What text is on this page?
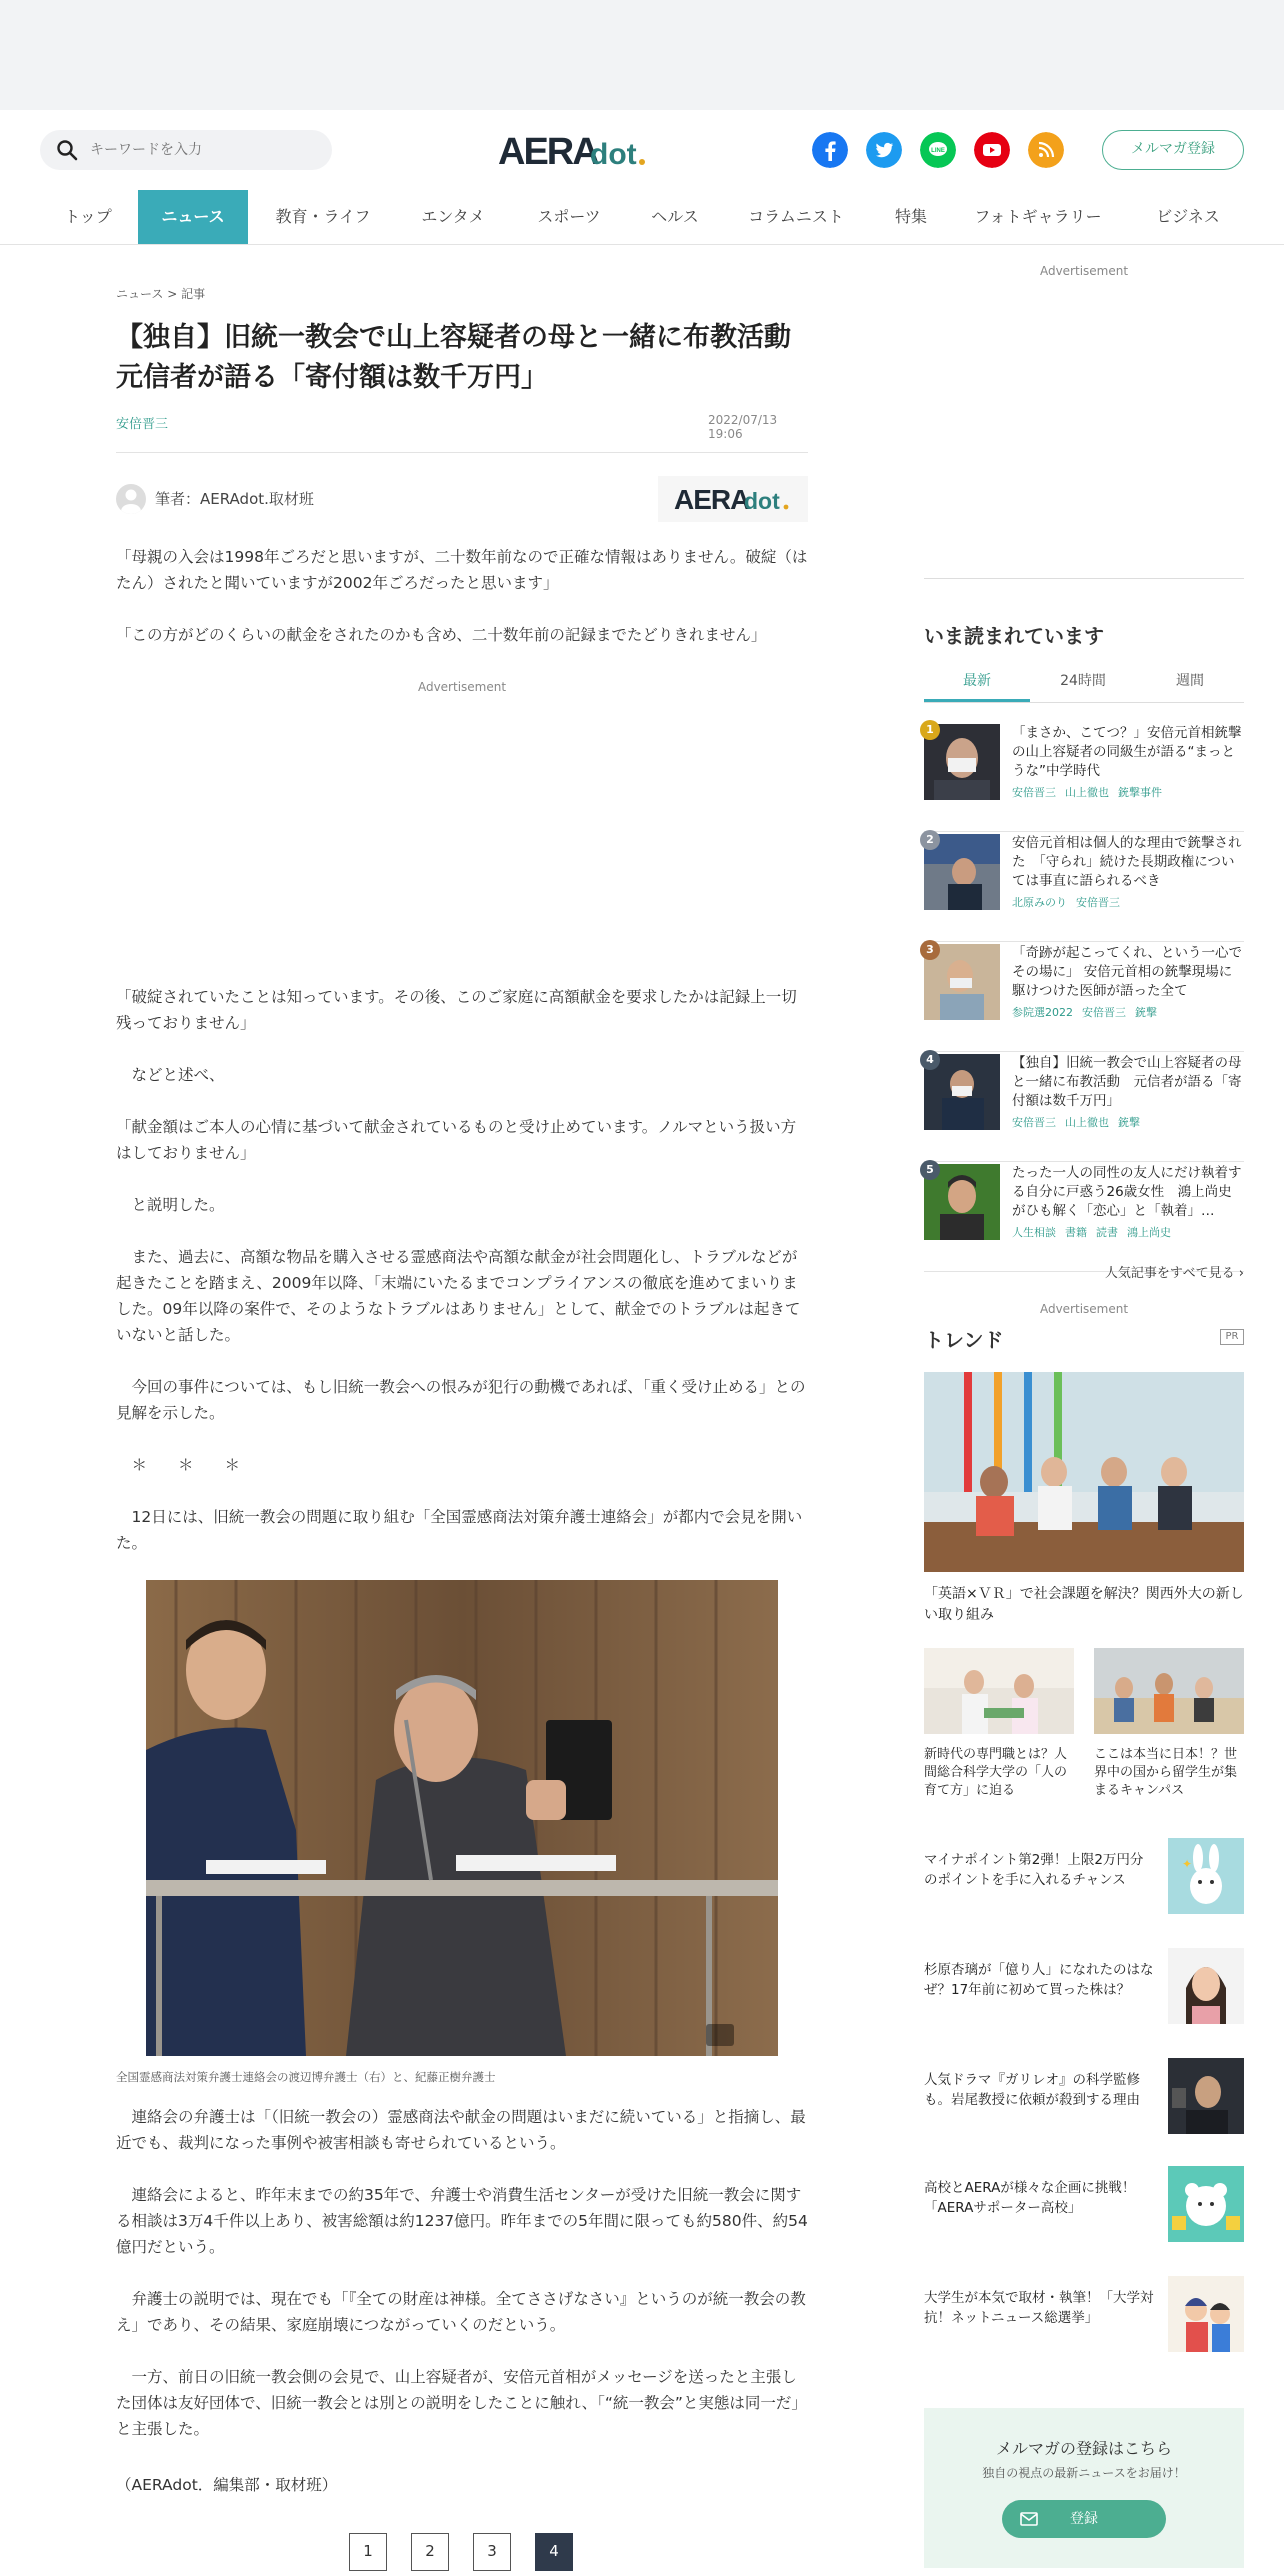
キーワードを入力
AERA
dot	LINE	メルマガ登録
トップ	ニュース	教育・ライフ	エンタメ	スポーツ	ヘルス	コラムニスト	特集	フォトギャラリー	ビジネス
ニュース > 記事
【独自】旧統一教会で山上容疑者の母と一緒に布教活動
元信者が語る「寄付額は数千万円」
安倍晋三	2022/07/13 19:06
筆者：AERAdot.取材班	AERA
dot
「母親の入会は1998年ごろだと思いますが、二十数年前なので正確な情報はありません。破綻（はたん）されたと聞いていますが2002年ごろだったと思います」
「この方がどのくらいの献金をされたのかも含め、二十数年前の記録までたどりきれません」
Advertisement
「破綻されていたことは知っています。その後、このご家庭に高額献金を要求したかは記録上一切残っておりません」
　などと述べ、
「献金額はご本人の心情に基づいて献金されているものと受け止めています。ノルマという扱い方はしておりません」
　と説明した。
　また、過去に、高額な物品を購入させる霊感商法や高額な献金が社会問題化し、トラブルなどが起きたことを踏まえ、2009年以降、「末端にいたるまでコンプライアンスの徹底を進めてまいりました。09年以降の案件で、そのようなトラブルはありません」として、献金でのトラブルは起きていないと話した。
　今回の事件については、もし旧統一教会への恨みが犯行の動機であれば、「重く受け止める」との見解を示した。
　＊　　＊　　＊
　12日には、旧統一教会の問題に取り組む「全国霊感商法対策弁護士連絡会」が都内で会見を開いた。
全国霊感商法対策弁護士連絡会の渡辺博弁護士（右）と、紀藤正樹弁護士
　連絡会の弁護士は「（旧統一教会の）霊感商法や献金の問題はいまだに続いている」と指摘し、最近でも、裁判になった事例や被害相談も寄せられているという。
　連絡会によると、昨年末までの約35年で、弁護士や消費生活センターが受けた旧統一教会に関する相談は3万4千件以上あり、被害総額は約1237億円。昨年までの5年間に限っても約580件、約54億円だという。
　弁護士の説明では、現在でも「『全ての財産は神様。全てささげなさい』というのが統一教会の教え」であり、その結果、家庭崩壊につながっていくのだという。
　一方、前日の旧統一教会側の会見で、山上容疑者が、安倍元首相がメッセージを送ったと主張した団体は友好団体で、旧統一教会とは別との説明をしたことに触れ、「“統一教会”と実態は同一だ」と主張した。
（AERAdot．編集部・取材班）
1	2	3	4
Advertisement
いま読まれています
最新	24時間	週間
1	「まさか、こてつ？」安倍元首相銃撃の山上容疑者の同級生が語る“まっとうな”中学時代
安倍晋三 山上徹也 銃撃事件
2	安倍元首相は個人的な理由で銃撃された　「守られ」続けた長期政権については事直に語られるべき
北原みのり 安倍晋三
3	「奇跡が起こってくれ、という一心でその場に」 安倍元首相の銃撃現場に駆けつけた医師が語った全て
参院選2022 安倍晋三 銃撃
4	【独自】旧統一教会で山上容疑者の母と一緒に布教活動　元信者が語る「寄付額は数千万円」
安倍晋三 山上徹也 銃撃
5	たった一人の同性の友人にだけ執着する自分に戸惑う26歳女性　鴻上尚史がひも解く「恋心」と「執着」…
人生相談 書籍 読書 鴻上尚史
人気記事をすべて見る ›
Advertisement
トレンド	PR
「英語×ＶＲ」で社会課題を解決？関西外大の新しい取り組み
新時代の専門職とは？人間総合科学大学の「人の育て方」に迫る
ここは本当に日本！？世界中の国から留学生が集まるキャンパス
マイナポイント第2弾！上限2万円分のポイントを手に入れるチャンス
✦
杉原杏璃が「億り人」になれたのはなぜ？17年前に初めて買った株は？
人気ドラマ『ガリレオ』の科学監修も。岩尾教授に依頼が殺到する理由
高校とAERAが様々な企画に挑戦！「AERAサポーター高校」
大学生が本気で取材・執筆！「大学対抗！ネットニュース総選挙」
メルマガの登録はこちら
独自の視点の最新ニュースをお届け！
登録
